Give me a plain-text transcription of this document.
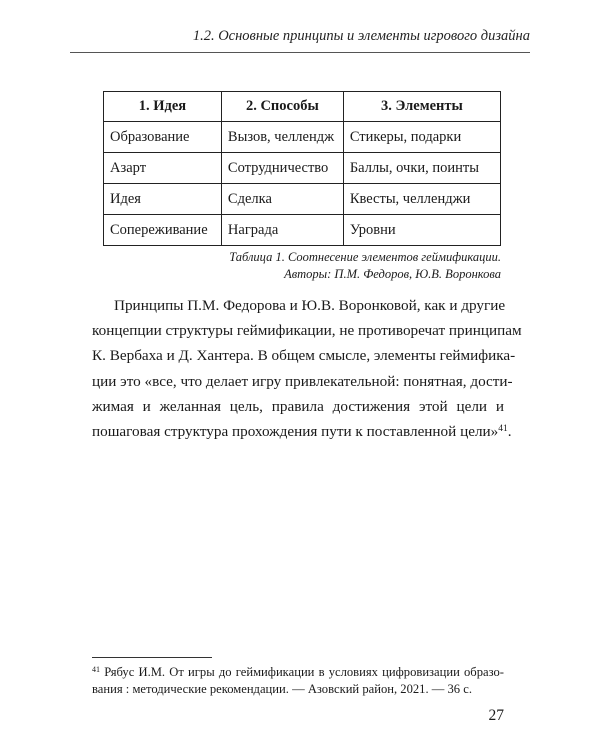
1.2. Основные принципы и элементы игрового дизайна
1. Идея	2. Способы	3. Элементы
Образование	Вызов, челлендж	Стикеры, подарки
Азарт	Сотрудничество	Баллы, очки, поинты
Идея	Сделка	Квесты, челленджи
Сопереживание	Награда	Уровни
Таблица 1. Соотнесение элементов геймификации.
Авторы: П.М. Федоров, Ю.В. Воронкова
Принципы П.М. Федорова и Ю.В. Воронковой, как и другие
концепции структуры геймификации, не противоречат принципам
К. Вербаха и Д. Хантера. В общем смысле, элементы геймифика-
ции это «все, что делает игру привлекательной: понятная, дости-
жимая и желанная цель, правила достижения этой цели и
пошаговая структура прохождения пути к поставленной цели»$^{41}$.
$^{41}$ Рябус И.М. От игры до геймификации в условиях цифровизации образо-
вания : методические рекомендации. — Азовский район, 2021. — 36 с.
27
